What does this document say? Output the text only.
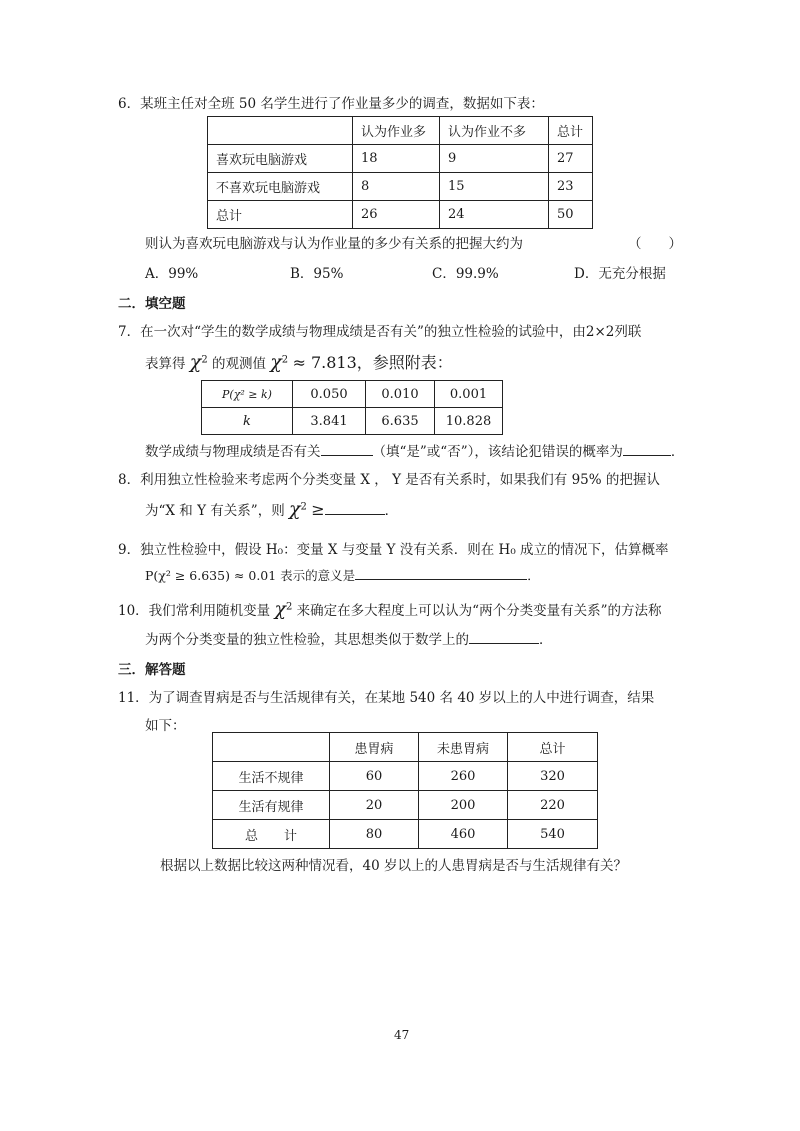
6．某班主任对全班 50 名学生进行了作业量多少的调查，数据如下表：
	认为作业多	认为作业不多	总计
喜欢玩电脑游戏	18	9	27
不喜欢玩电脑游戏	8	15	23
总计	26	24	50
则认为喜欢玩电脑游戏与认为作业量的多少有关系的把握大约为	（　　）
A．99%	B．95%	C．99.9%	D．无充分根据
二．填空题
7．在一次对“学生的数学成绩与物理成绩是否有关”的独立性检验的试验中，由2×2列联
表算得 $\chi^2$ 的观测值 $\chi^2 \approx 7.813$，参照附表：
P(χ² ≥ k)	0.050	0.010	0.001
k	3.841	6.635	10.828
数学成绩与物理成绩是否有关	（填“是”或“否”），该结论犯错误的概率为	．
8．利用独立性检验来考虑两个分类变量 X ， Y 是否有关系时，如果我们有 95% 的把握认
为“X 和 Y 有关系”，则 $\chi^2$ ≥	．
9．独立性检验中，假设 H₀：变量 X 与变量 Y 没有关系．则在 H₀ 成立的情况下，估算概率
P(χ² ≥ 6.635) ≈ 0.01 表示的意义是	．
10．我们常利用随机变量 $\chi^2$ 来确定在多大程度上可以认为“两个分类变量有关系”的方法称
为两个分类变量的独立性检验，其思想类似于数学上的	．
三．解答题
11．为了调查胃病是否与生活规律有关，在某地 540 名 40 岁以上的人中进行调查，结果
如下：
	患胃病	未患胃病	总计
生活不规律	60	260	320
生活有规律	20	200	220
总　　计	80	460	540
根据以上数据比较这两种情况看，40 岁以上的人患胃病是否与生活规律有关？
47
